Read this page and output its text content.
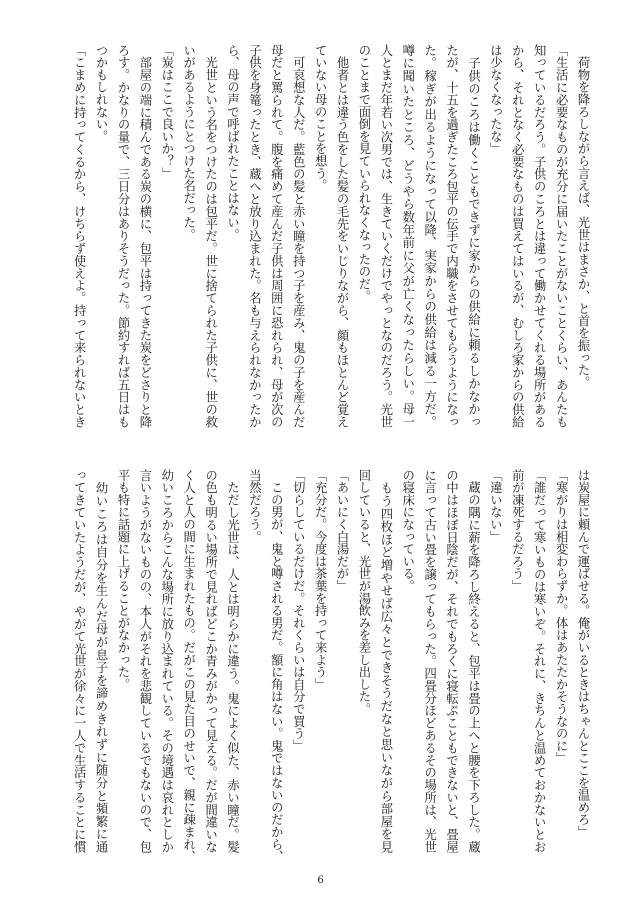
　荷物を降ろしながら言えば、光世はまさか、と首を振った。
「生活に必要なものが充分に届いたことがないことくらい、あんたも
知っているだろう。子供のころとは違って働かせてくれる場所がある
から、それとなく必要なものは買えてはいるが、むしろ家からの供給
は少なくなったな」
　子供のころは働くこともできずに家からの供給に頼るしかなかっ
たが、十五を過ぎたころ包平の伝手で内職をさせてもらうようになっ
た。稼ぎが出るようになって以降、実家からの供給は減る一方だ。
噂に聞いたところ、どうやら数年前に父が亡くなったらしい。母一
人とまだ年若い次男では、生きていくだけでやっとなのだろう。光世
のことまで面倒を見ていられなくなったのだ。
　他者とは違う色をした髪の毛先をいじりながら、顔もほとんど覚え
ていない母のことを想う。
　可哀想な人だ。藍色の髪と赤い瞳を持つ子を産み、鬼の子を産んだ
母だと罵られて。腹を痛めて産んだ子供は周囲に恐れられ、母が次の
子供を身篭ったとき、蔵へと放り込まれた。名も与えられなかったか
ら、母の声で呼ばれたことはない。
　光世という名をつけたのは包平だ。世に捨てられた子供に、世の救
いがあるようにとつけた名だった。
「炭はここで良いか？」
　部屋の端に積んである炭の横に、包平は持ってきた炭をどさりと降
ろす。かなりの量で、三日分はありそうだった。節約すれば五日はも
つかもしれない。
「こまめに持ってくるから、けちらず使えよ。持って来られないとき
は炭屋に頼んで運ばせる。俺がいるときはちゃんとここを温めろ」
「寒がりは相変わらずか。体はあたたかそうなのに」
「誰だって寒いものは寒いぞ。それに、きちんと温めておかないとお
前が凍死するだろう」
「違いない」
　蔵の隅に薪を降ろし終えると、包平は畳の上へと腰を下ろした。蔵
の中はほぼ日陰だが、それでもろくに寝転ぶこともできないと、畳屋
に言って古い畳を譲ってもらった。四畳分ほどあるその場所は、光世
の寝床になっている。
　もう四枚ほど増やせば広々とできそうだなと思いながら部屋を見
回していると、光世が湯飲みを差し出した。
「あいにく白湯だが」
「充分だ。今度は茶葉を持って来よう」
「切らしているだけだ。それくらいは自分で買う」
　この男が、鬼と噂される男だ。額に角はない。鬼ではないのだから、
当然だろう。
　ただし光世は、人とは明らかに違う。鬼によく似た、赤い瞳だ。髪
の色も明るい場所で見ればどこか青みがかって見える。だが間違いな
く人と人の間に生まれたもの。だがこの見た目のせいで、親に疎まれ、
幼いころからこんな場所に放り込まれている。その境遇は哀れとしか
言いようがないものの、本人がそれを悲観しているでもないので、包
平も特に話題に上げることがなかった。
　幼いころは自分を生んだ母が息子を諦めきれずに随分と頻繁に通
ってきていたようだが、やがて光世が徐々に一人で生活することに慣
6
